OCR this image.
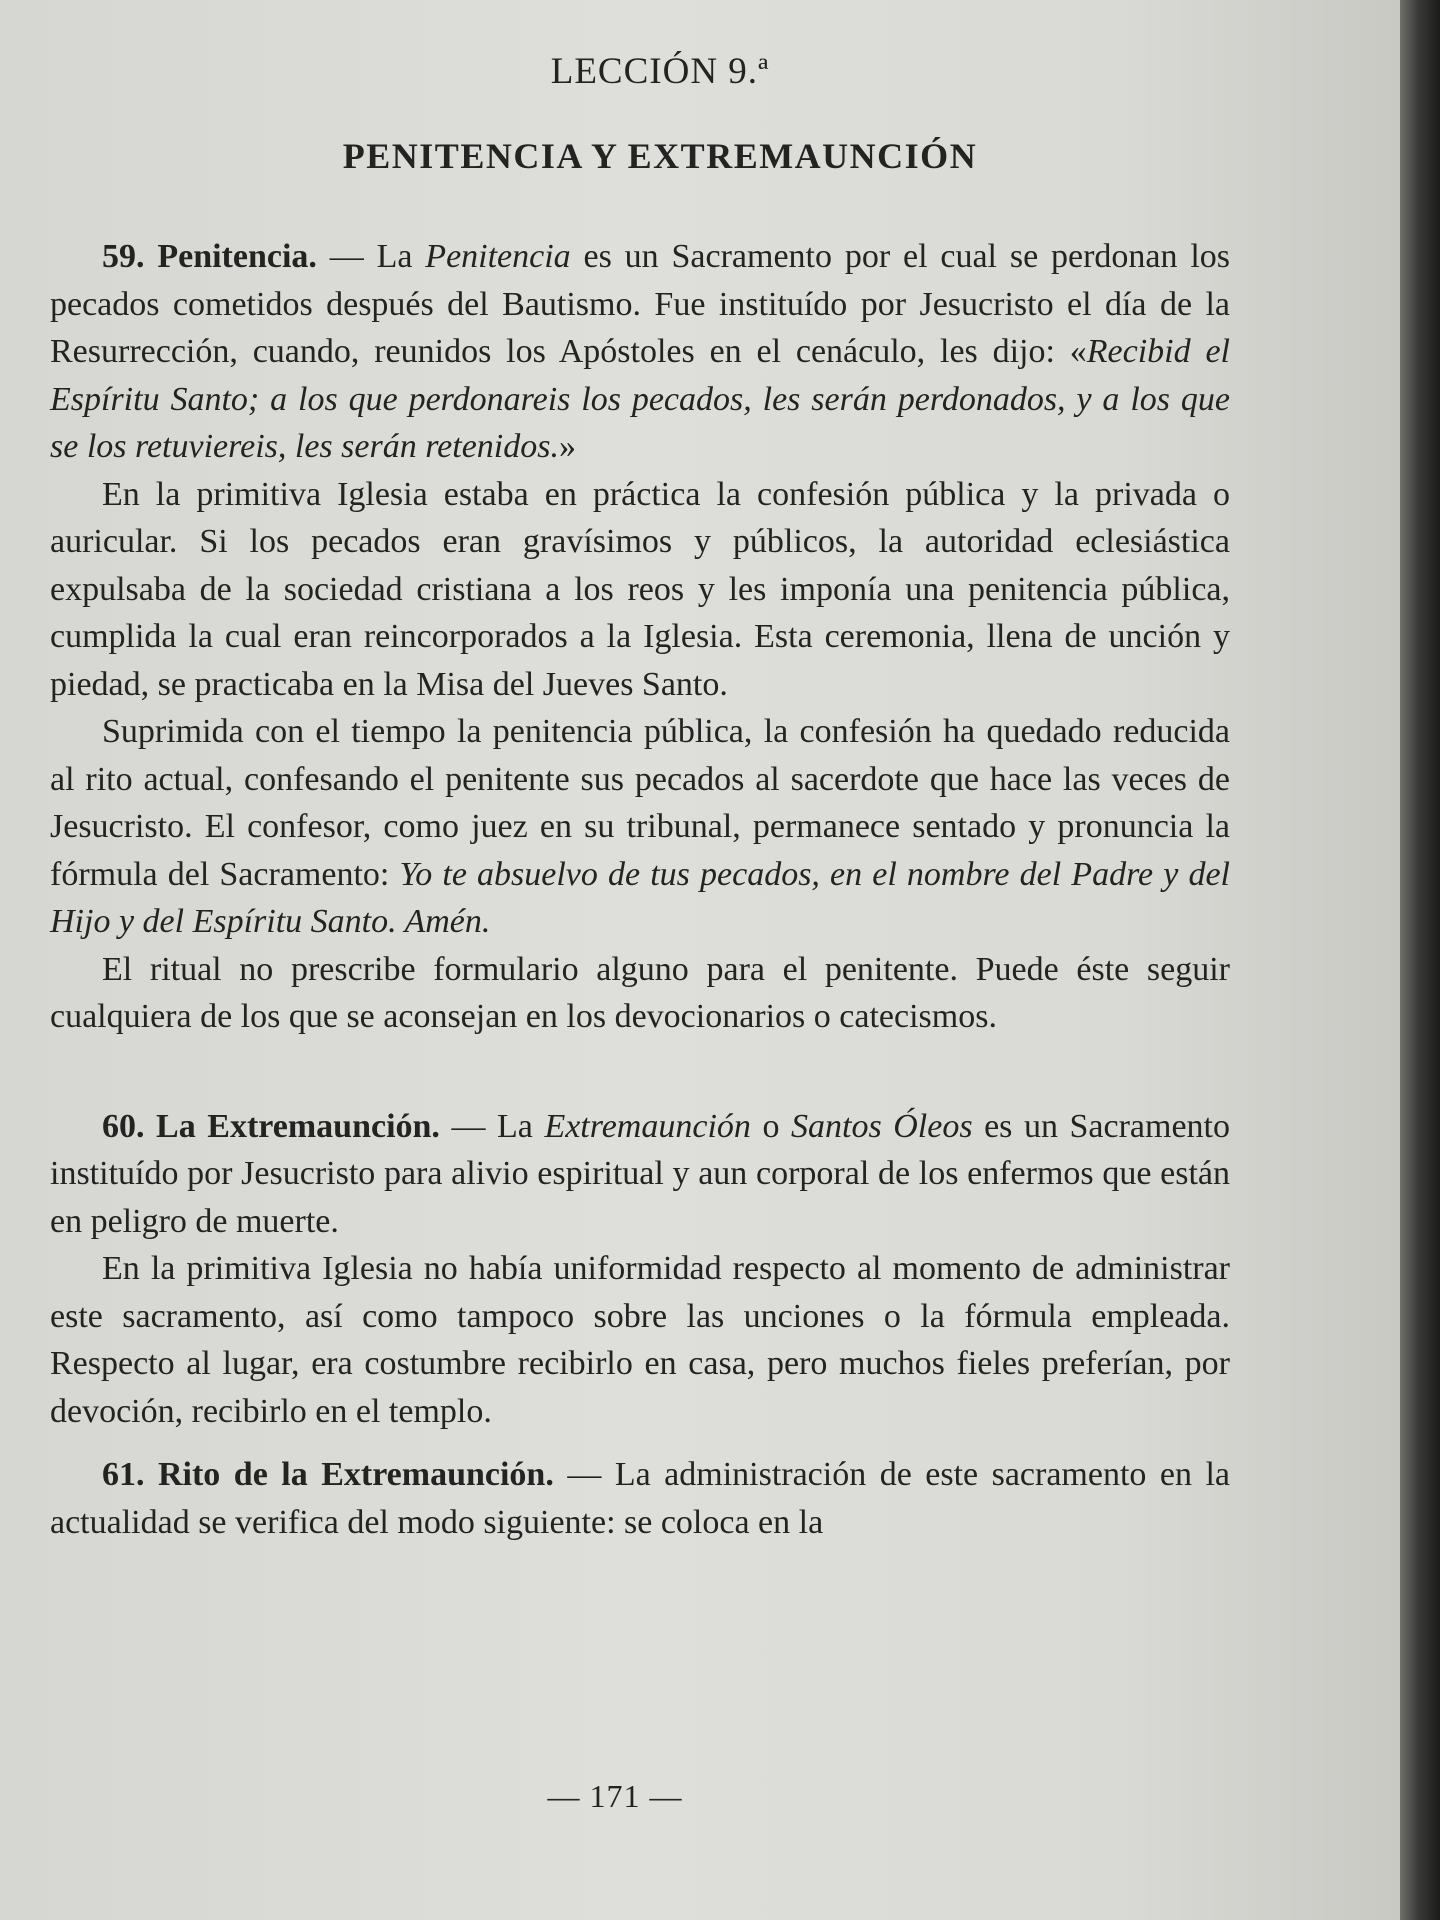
LECCIÓN 9.ª
PENITENCIA Y EXTREMAUNCIÓN

59. Penitencia. — La Penitencia es un Sacramento por el cual se perdonan los pecados cometidos después del Bautismo. Fue instituído por Jesucristo el día de la Resurrección, cuando, reunidos los Apóstoles en el cenáculo, les dijo: «Recibid el Espíritu Santo; a los que perdonareis los pecados, les serán perdonados, y a los que se los retuviereis, les serán retenidos.»

En la primitiva Iglesia estaba en práctica la confesión pública y la privada o auricular. Si los pecados eran gravísimos y públicos, la autoridad eclesiástica expulsaba de la sociedad cristiana a los reos y les imponía una penitencia pública, cumplida la cual eran reincorporados a la Iglesia. Esta ceremonia, llena de unción y piedad, se practicaba en la Misa del Jueves Santo.

Suprimida con el tiempo la penitencia pública, la confesión ha quedado reducida al rito actual, confesando el penitente sus pecados al sacerdote que hace las veces de Jesucristo. El confesor, como juez en su tribunal, permanece sentado y pronuncia la fórmula del Sacramento: Yo te absuelvo de tus pecados, en el nombre del Padre y del Hijo y del Espíritu Santo. Amén.

El ritual no prescribe formulario alguno para el penitente. Puede éste seguir cualquiera de los que se aconsejan en los devocionarios o catecismos.

60. La Extremaunción. — La Extremaunción o Santos Óleos es un Sacramento instituído por Jesucristo para alivio espiritual y aun corporal de los enfermos que están en peligro de muerte.

En la primitiva Iglesia no había uniformidad respecto al momento de administrar este sacramento, así como tampoco sobre las unciones o la fórmula empleada. Respecto al lugar, era costumbre recibirlo en casa, pero muchos fieles preferían, por devoción, recibirlo en el templo.

61. Rito de la Extremaunción. — La administración de este sacramento en la actualidad se verifica del modo siguiente: se coloca en la

— 171 —
